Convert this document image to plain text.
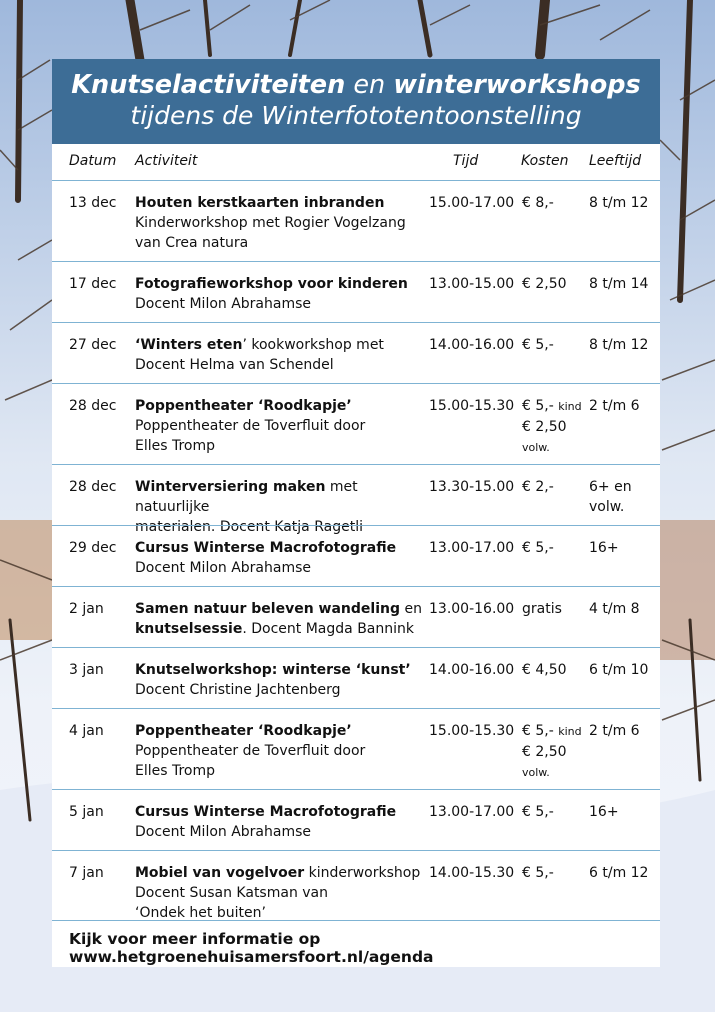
Knutselactiviteiten en winterworkshops
tijdens de Winterfototentoonstelling
Datum Activiteit	Tijd	Kosten Leeftijd
13 dec	Houten kerstkaarten inbranden
Kinderworkshop met Rogier Vogelzang
van Crea natura
15.00-17.00 € 8,-	8 t/m 12
17 dec	Fotografieworkshop voor kinderen
Docent Milon Abrahamse
13.00-15.00 € 2,50	8 t/m 14
27 dec	‘Winters eten’ kookworkshop met
Docent Helma van Schendel
14.00-16.00 € 5,-	8 t/m 12
28 dec	Poppentheater ‘Roodkapje’
Poppentheater de Toverfluit door
Elles Tromp
15.00-15.30 € 5,- kind
€ 2,50 volw.
2 t/m 6
28 dec	Winterversiering maken met natuurlijke
materialen. Docent Katja Ragetli
13.30-15.00 € 2,-	6+ en
volw.
29 dec	Cursus Winterse Macrofotografie
Docent Milon Abrahamse
13.00-17.00 € 5,-	16+
2 jan	Samen natuur beleven wandeling en
knutselsessie. Docent Magda Bannink
13.00-16.00 gratis	4 t/m 8
3 jan	Knutselworkshop: winterse ‘kunst’
Docent Christine Jachtenberg
14.00-16.00 € 4,50	6 t/m 10
4 jan	Poppentheater ‘Roodkapje’
Poppentheater de Toverfluit door
Elles Tromp
15.00-15.30 € 5,- kind
€ 2,50 volw.
2 t/m 6
5 jan	Cursus Winterse Macrofotografie
Docent Milon Abrahamse
13.00-17.00 € 5,-	16+
7 jan	Mobiel van vogelvoer kinderworkshop
Docent Susan Katsman van
‘Ondek het buiten’
14.00-15.30 € 5,-	6 t/m 12
Kijk voor meer informatie op www.hetgroenehuisamersfoort.nl/agenda
